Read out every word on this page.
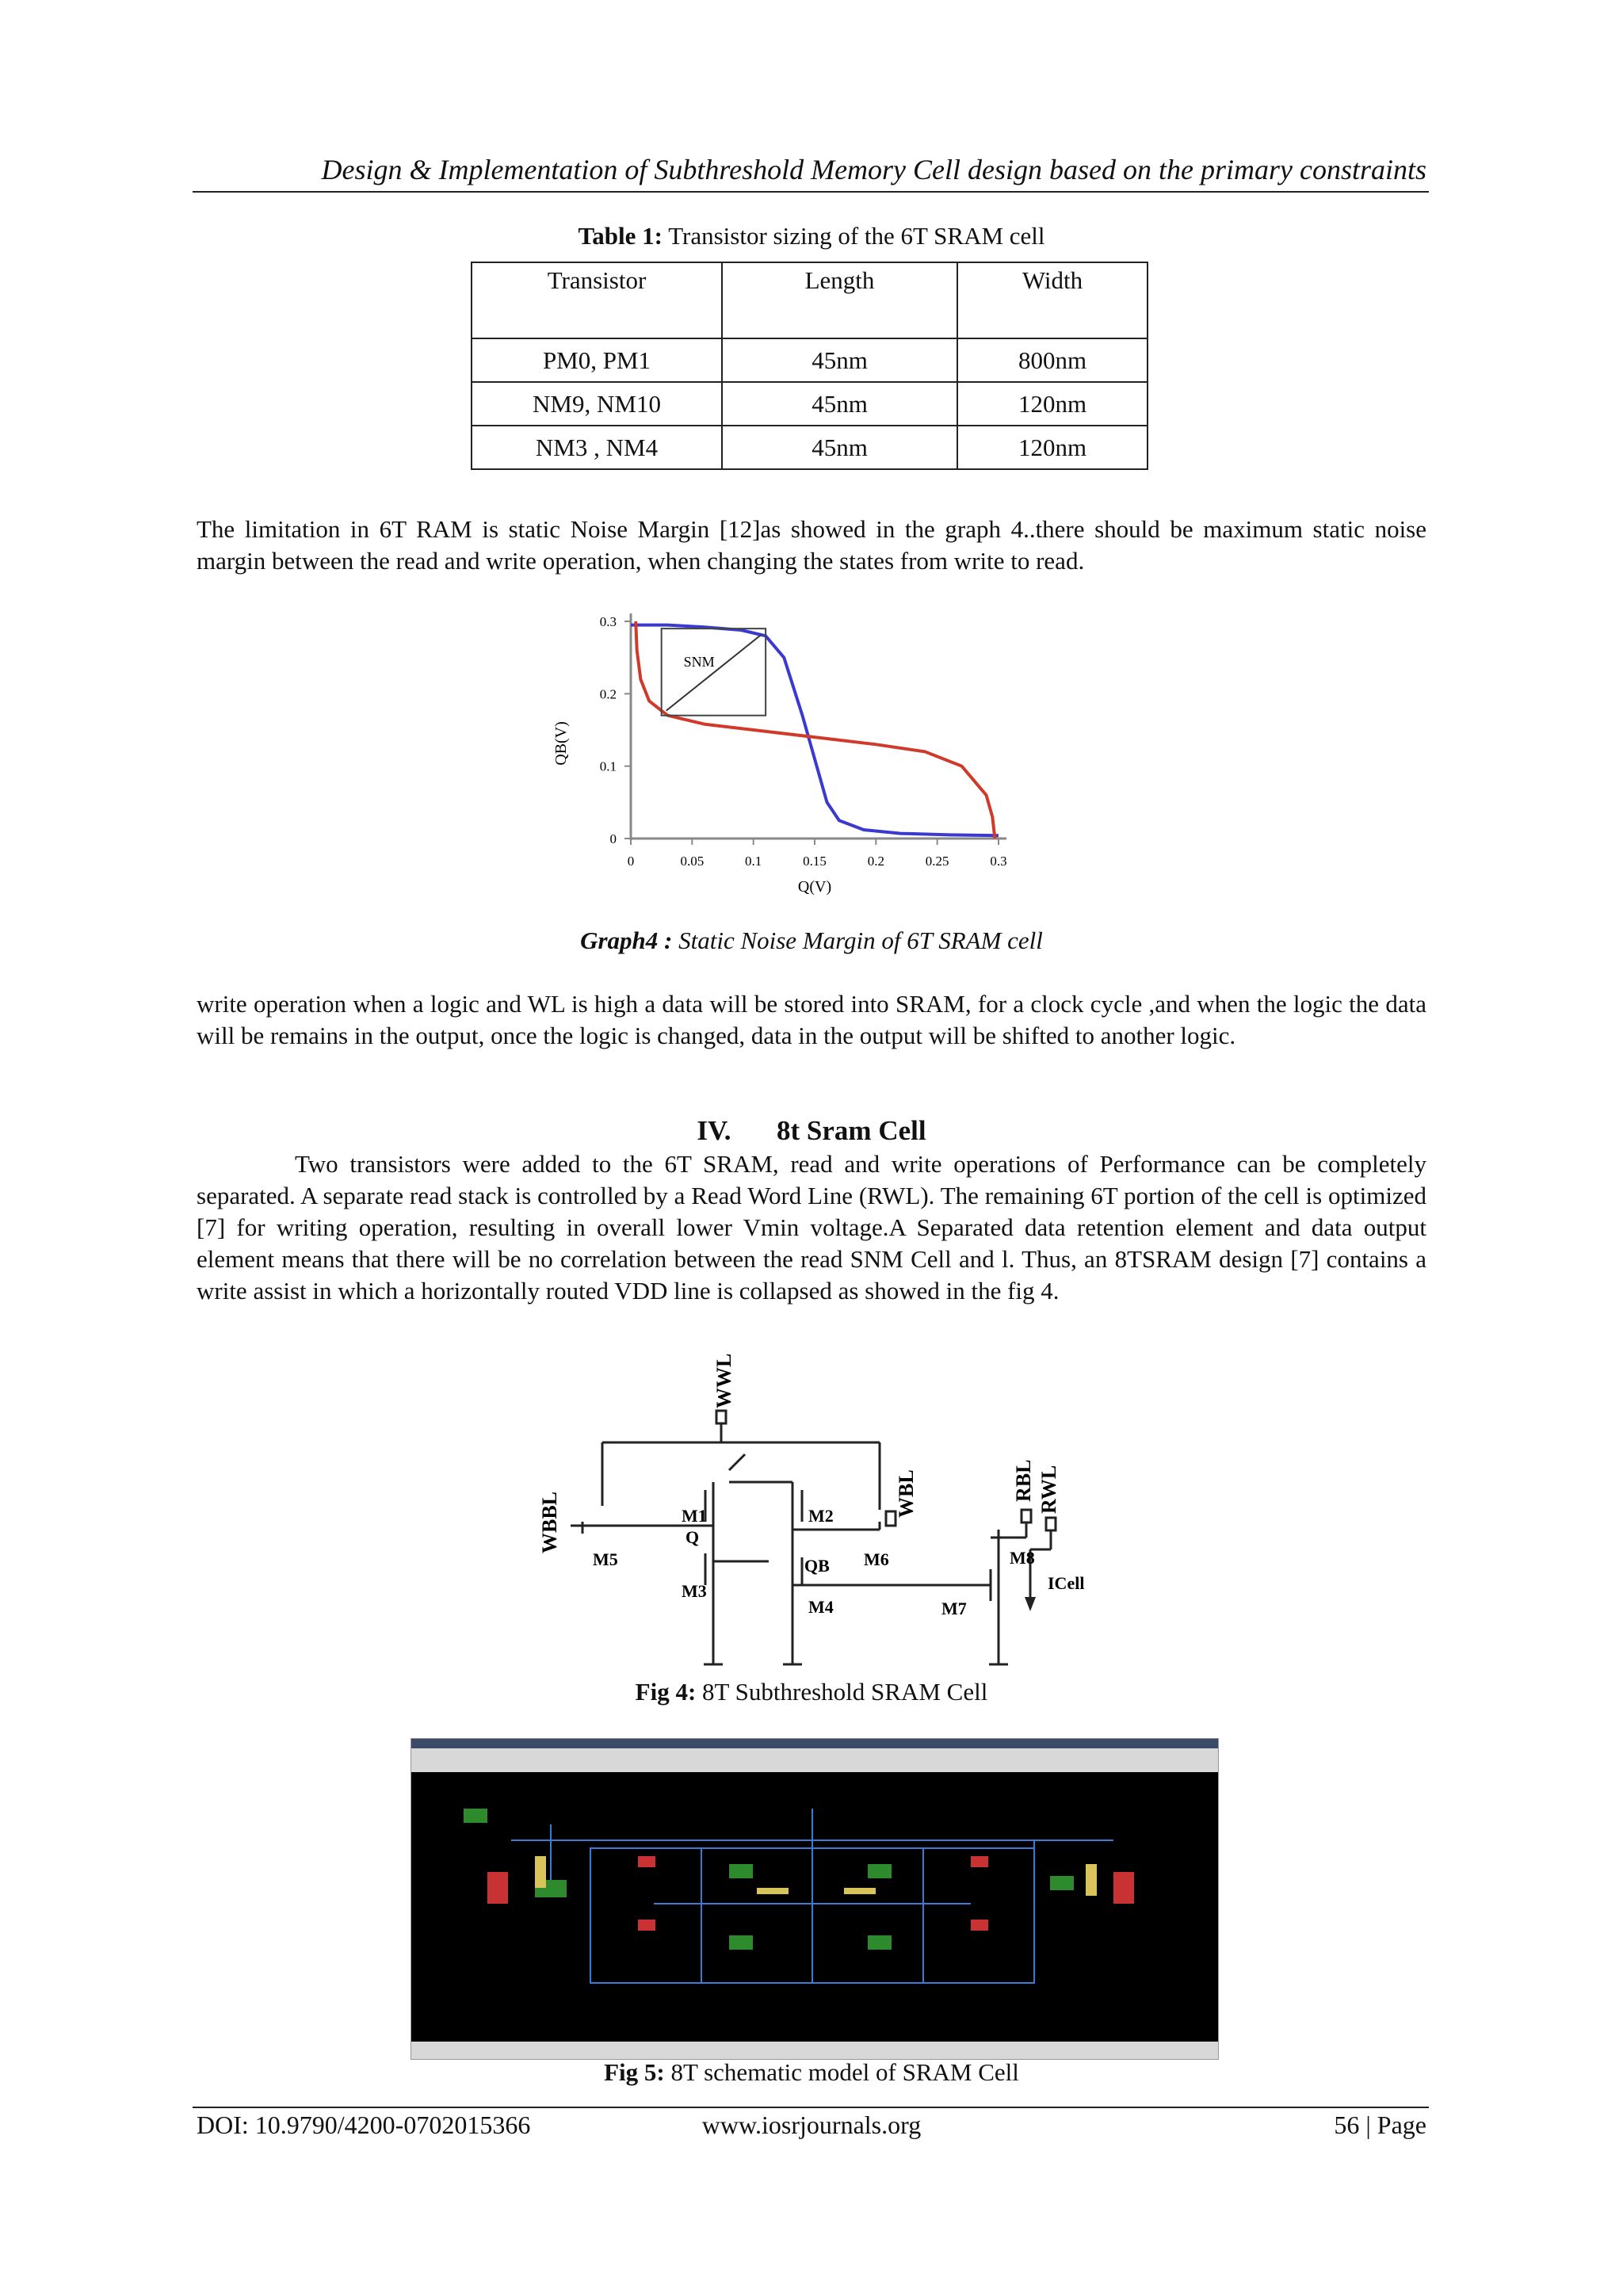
Design & Implementation of Subthreshold Memory Cell design based on the primary constraints
Table 1: Transistor sizing of the 6T SRAM cell
Transistor	Length	Width
PM0, PM1	45nm	800nm
NM9, NM10	45nm	120nm
NM3 , NM4	45nm	120nm
The limitation in 6T RAM is static Noise Margin [12]as showed in the graph 4..there should be maximum static noise margin between the read and write operation, when changing the states from write to read.
0	0.05	0.1	0.15	0.2	0.25	0.3
0
0.1
0.2
0.3
SNM
Q(V)
QB(V)
Graph4 : Static Noise Margin of 6T SRAM cell
write operation when a logic and WL is high a data will be stored into SRAM, for a clock cycle ,and when the logic the data will be remains in the output, once the logic is changed, data in the output will be shifted to another logic.
IV. 8t Sram Cell
Two transistors were added to the 6T SRAM, read and write operations of Performance can be completely separated. A separate read stack is controlled by a Read Word Line (RWL). The remaining 6T portion of the cell is optimized [7] for writing operation, resulting in overall lower Vmin voltage.A Separated data retention element and data output element means that there will be no correlation between the read SNM Cell and l. Thus, an 8TSRAM design [7] contains a write assist in which a horizontally routed VDD line is collapsed as showed in the fig 4.
WWL
WBBL	WBL	RBL RWL
M1	M2
M3
M4
M5	M6
M7
M8
Q
QB
ICell
Fig 4: 8T Subthreshold SRAM Cell
Fig 5: 8T schematic model of SRAM Cell
DOI: 10.9790/4200-0702015366	www.iosrjournals.org	56 | Page
